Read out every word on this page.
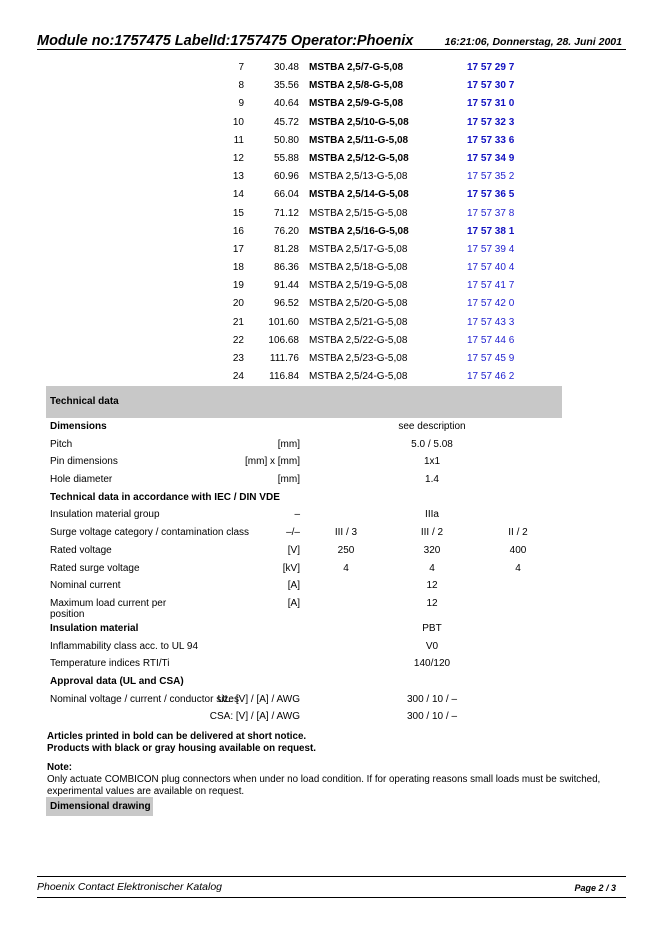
Module no:1757475 LabelId:1757475 Operator:Phoenix	16:21:06, Donnerstag, 28. Juni 2001
7	30.48 MSTBA 2,5/7-G-5,08	17 57 29 7
8	35.56 MSTBA 2,5/8-G-5,08	17 57 30 7
9	40.64 MSTBA 2,5/9-G-5,08	17 57 31 0
10	45.72 MSTBA 2,5/10-G-5,08	17 57 32 3
11	50.80 MSTBA 2,5/11-G-5,08	17 57 33 6
12	55.88 MSTBA 2,5/12-G-5,08	17 57 34 9
13	60.96 MSTBA 2,5/13-G-5,08	17 57 35 2
14	66.04 MSTBA 2,5/14-G-5,08	17 57 36 5
15	71.12 MSTBA 2,5/15-G-5,08	17 57 37 8
16	76.20 MSTBA 2,5/16-G-5,08	17 57 38 1
17	81.28 MSTBA 2,5/17-G-5,08	17 57 39 4
18	86.36 MSTBA 2,5/18-G-5,08	17 57 40 4
19	91.44 MSTBA 2,5/19-G-5,08	17 57 41 7
20	96.52 MSTBA 2,5/20-G-5,08	17 57 42 0
21	101.60 MSTBA 2,5/21-G-5,08	17 57 43 3
22	106.68 MSTBA 2,5/22-G-5,08	17 57 44 6
23	111.76 MSTBA 2,5/23-G-5,08	17 57 45 9
24	116.84 MSTBA 2,5/24-G-5,08	17 57 46 2
Technical data
Dimensions	see description
Pitch	[mm]	5.0 / 5.08
Pin dimensions	[mm] x [mm]	1x1
Hole diameter	[mm]	1.4
Technical data in accordance with IEC / DIN VDE
Insulation material group	–	IIIa
Surge voltage category / contamination class	–/–	III / 3	III / 2	II / 2
Rated voltage	[V]	250	320	400
Rated surge voltage	[kV]	4	4	4
Nominal current	[A]	12
Maximum load current per position
[A]	12
Insulation material	PBT
Inflammability class acc. to UL 94	V0
Temperature indices RTI/Ti	140/120
Approval data (UL and CSA)
Nominal voltage / current / conductor sizes
UL: [V] / [A] / AWG	300 / 10 / –
CSA: [V] / [A] / AWG	300 / 10 / –
Articles printed in bold can be delivered at short notice.
Products with black or gray housing available on request.
Note:
Only actuate COMBICON plug connectors when under no load condition. If for operating reasons small loads must be switched, experimental values are available on request.
Dimensional drawing
Phoenix Contact Elektronischer Katalog	Page 2 / 3
